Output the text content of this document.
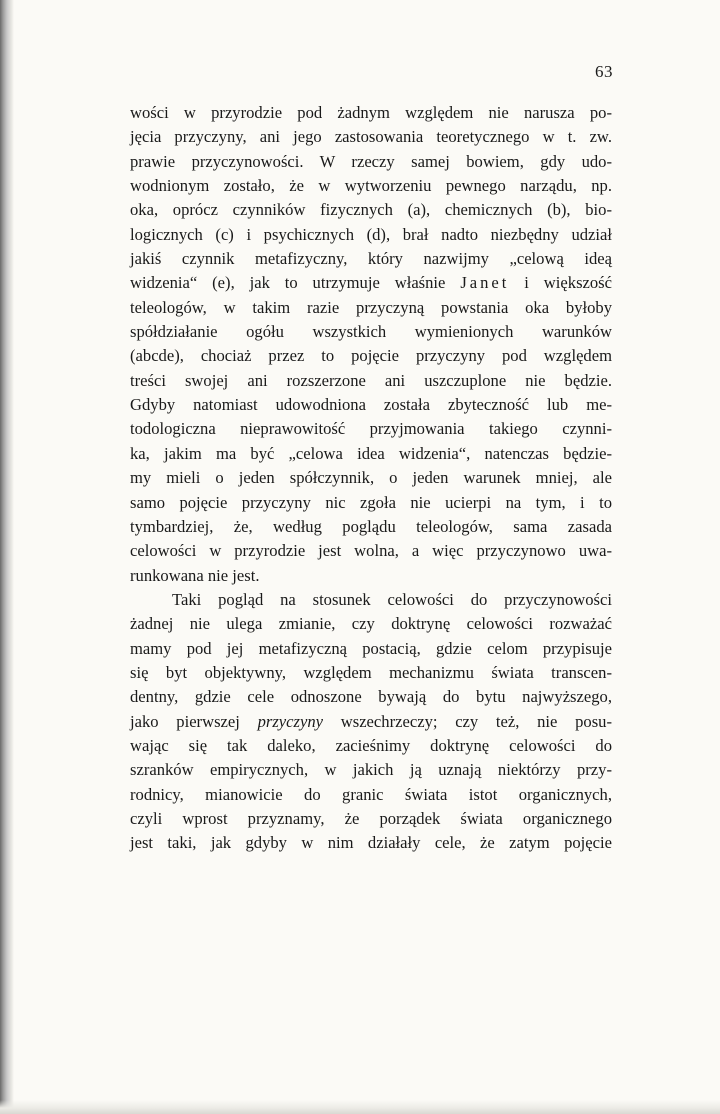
63
wości w przyrodzie pod żadnym względem nie narusza po-
jęcia przyczyny, ani jego zastosowania teoretycznego w t. zw.
prawie przyczynowości. W rzeczy samej bowiem, gdy udo-
wodnionym zostało, że w wytworzeniu pewnego narządu, np.
oka, oprócz czynników fizycznych (a), chemicznych (b), bio-
logicznych (c) i psychicznych (d), brał nadto niezbędny udział
jakiś czynnik metafizyczny, który nazwijmy „celową ideą
widzenia“ (e), jak to utrzymuje właśnie Janet i większość
teleologów, w takim razie przyczyną powstania oka byłoby
spółdziałanie ogółu wszystkich wymienionych warunków
(abcde), chociaż przez to pojęcie przyczyny pod względem
treści swojej ani rozszerzone ani uszczuplone nie będzie.
Gdyby natomiast udowodniona została zbyteczność lub me-
todologiczna nieprawowitość przyjmowania takiego czynni-
ka, jakim ma być „celowa idea widzenia“, natenczas będzie-
my mieli o jeden spółczynnik, o jeden warunek mniej, ale
samo pojęcie przyczyny nic zgoła nie ucierpi na tym, i to
tymbardziej, że, według poglądu teleologów, sama zasada
celowości w przyrodzie jest wolna, a więc przyczynowo uwa-
runkowana nie jest.
Taki pogląd na stosunek celowości do przyczynowości
żadnej nie ulega zmianie, czy doktrynę celowości rozważać
mamy pod jej metafizyczną postacią, gdzie celom przypisuje
się byt objektywny, względem mechanizmu świata transcen-
dentny, gdzie cele odnoszone bywają do bytu najwyższego,
jako pierwszej przyczyny wszechrzeczy; czy też, nie posu-
wając się tak daleko, zacieśnimy doktrynę celowości do
szranków empirycznych, w jakich ją uznają niektórzy przy-
rodnicy, mianowicie do granic świata istot organicznych,
czyli wprost przyznamy, że porządek świata organicznego
jest taki, jak gdyby w nim działały cele, że zatym pojęcie
